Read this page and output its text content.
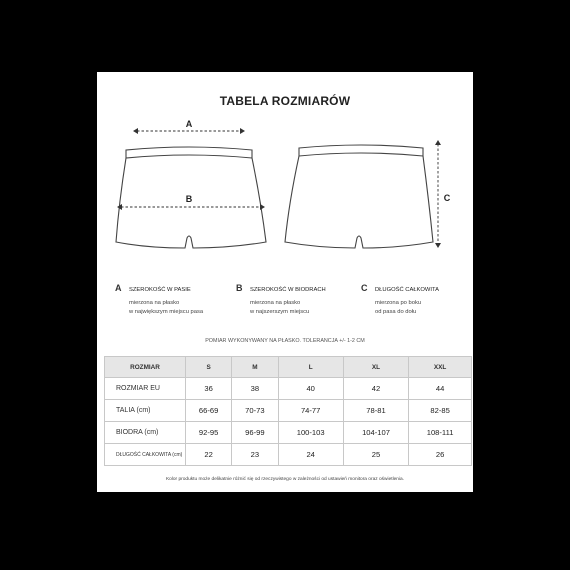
TABELA ROZMIARÓW
A
B	C
A SZEROKOŚĆ W PASIE
mierzona na płasko
w największym miejscu pasa
B SZEROKOŚĆ W BIODRACH
mierzona na płasko
w najszerszym miejscu
C DŁUGOŚĆ CAŁKOWITA
mierzona po boku
od pasa do dołu
POMIAR WYKONYWANY NA PŁASKO. TOLERANCJA +/- 1-2 CM
ROZMIAR	S	M	L	XL	XXL
ROZMIAR EU	36	38	40	42	44
TALIA (cm)	66-69	70-73	74-77	78-81	82-85
BIODRA (cm)	92-95	96-99	100-103	104-107	108-111
DŁUGOŚĆ CAŁKOWITA (cm)	22	23	24	25	26
Kolor produktu może delikatnie różnić się od rzeczywistego w zależności od ustawień monitora oraz oświetlenia.
